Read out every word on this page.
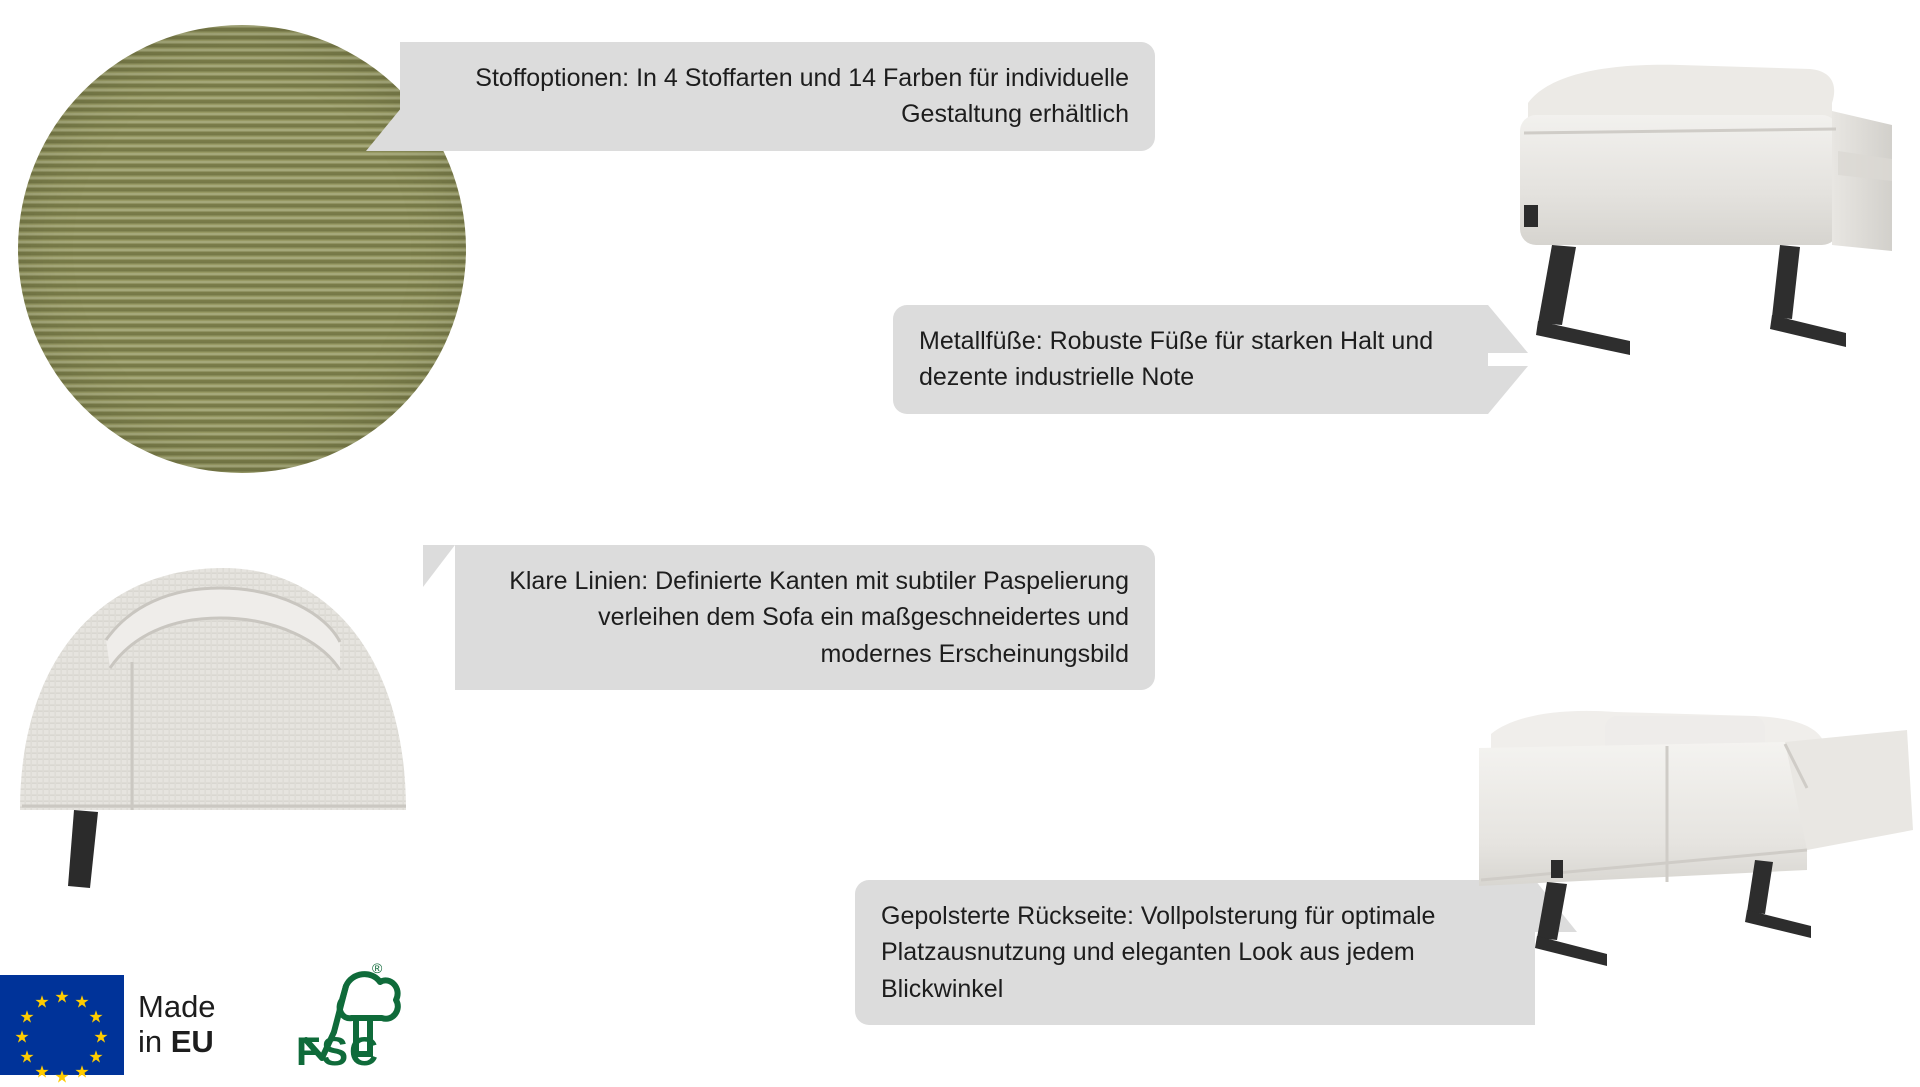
Stoffoptionen: In 4 Stoffarten und 14 Farben für individuelle Gestaltung erhältlich
Metallfüße: Robuste Füße für starken Halt und dezente industrielle Note
Klare Linien: Definierte Kanten mit subtiler Paspelierung verleihen dem Sofa ein maßgeschneidertes und modernes Erscheinungsbild
Gepolsterte Rückseite: Vollpolsterung für optimale Platzausnutzung und eleganten Look aus jedem Blickwinkel
★ ★
★
★
★
★
★
★
★
★
★
★	Made
in EU
®
FSC
